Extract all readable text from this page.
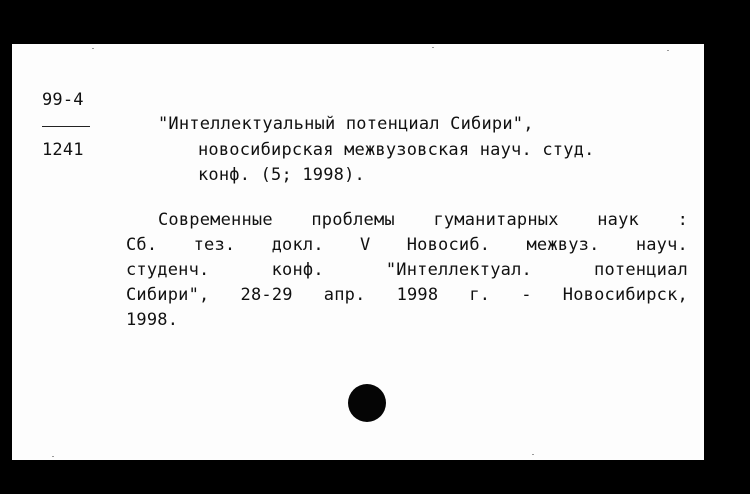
99-4
1241
"Интеллектуальный потенциал Сибири",
новосибирская межвузовская науч. студ.
конф. (5; 1998).
Современные проблемы гуманитарных наук :
Сб. тез. докл. V Новосиб. межвуз. науч.
студенч.	конф.	"Интеллектуал.	потенциал
Сибири", 28-29 апр. 1998 г. - Новосибирск,
1998.
